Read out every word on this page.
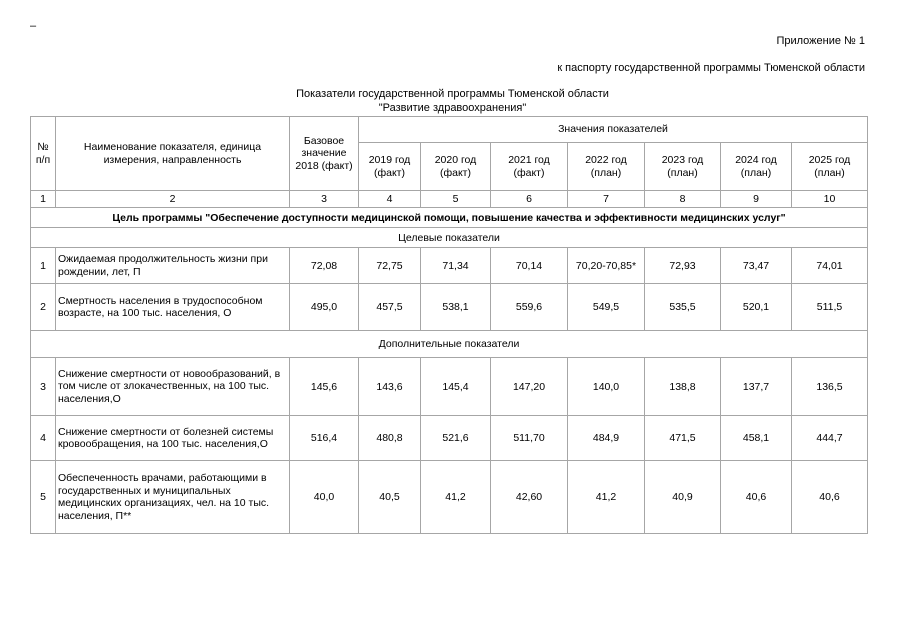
–
Приложение № 1
к паспорту государственной программы Тюменской области
Показатели государственной программы Тюменской области
"Развитие здравоохранения"
№ п/п	Наименование показателя, единица измерения, направленность	Базовое значение 2018 (факт)	Значения показателей						
			2019 год (факт)	2020 год (факт)	2021 год (факт)	2022 год (план)	2023 год (план)	2024 год (план)	2025 год (план)
1	2	3	4	5	6	7	8	9	10
Цель программы "Обеспечение доступности медицинской помощи, повышение качества и эффективности медицинских услуг"									
Целевые показатели									
1	Ожидаемая продолжительность жизни при рождении, лет, П	72,08	72,75	71,34	70,14	70,20-70,85*	72,93	73,47	74,01
2	Смертность населения в трудоспособном возрасте, на 100 тыс. населения, О	495,0	457,5	538,1	559,6	549,5	535,5	520,1	511,5
Дополнительные показатели									
3	Снижение смертности от новообразований, в том числе от злокачественных, на 100 тыс. населения,О	145,6	143,6	145,4	147,20	140,0	138,8	137,7	136,5
4	Снижение смертности от болезней системы кровообращения, на 100 тыс. населения,О	516,4	480,8	521,6	511,70	484,9	471,5	458,1	444,7
5	Обеспеченность врачами, работающими в государственных и муниципальных медицинских организациях, чел. на 10 тыс. населения, П**	40,0	40,5	41,2	42,60	41,2	40,9	40,6	40,6
